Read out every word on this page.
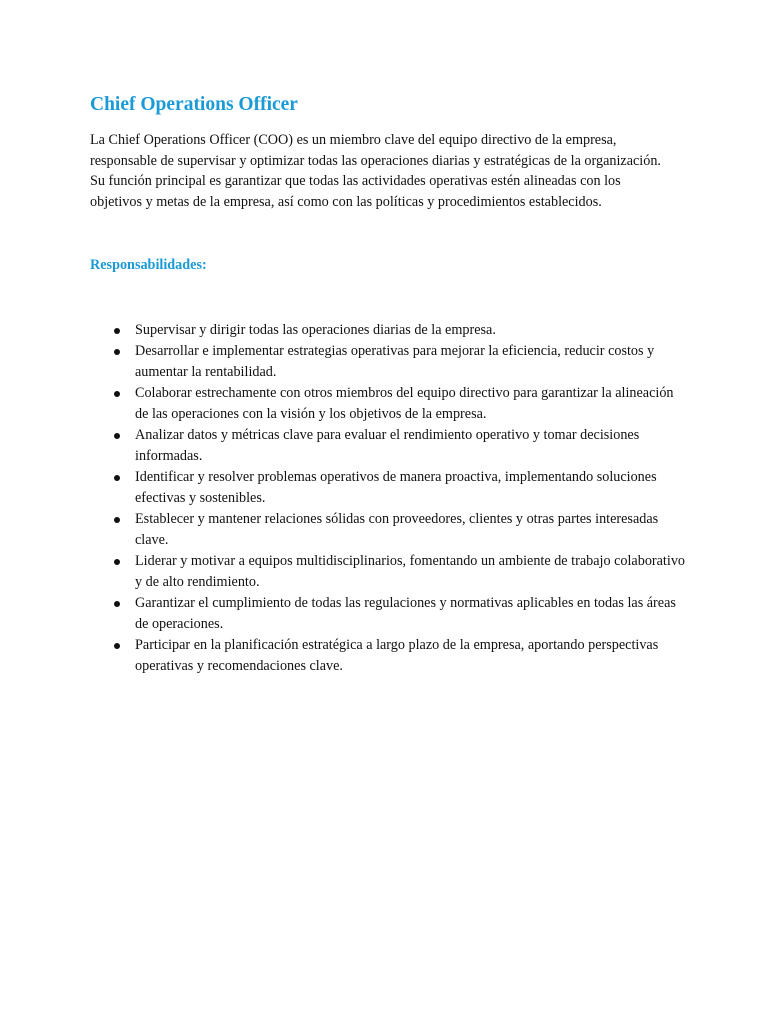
Chief Operations Officer

La Chief Operations Officer (COO) es un miembro clave del equipo directivo de la empresa, responsable de supervisar y optimizar todas las operaciones diarias y estratégicas de la organización. Su función principal es garantizar que todas las actividades operativas estén alineadas con los objetivos y metas de la empresa, así como con las políticas y procedimientos establecidos.

Responsabilidades:
Supervisar y dirigir todas las operaciones diarias de la empresa.
Desarrollar e implementar estrategias operativas para mejorar la eficiencia, reducir costos y aumentar la rentabilidad.
Colaborar estrechamente con otros miembros del equipo directivo para garantizar la alineación de las operaciones con la visión y los objetivos de la empresa.
Analizar datos y métricas clave para evaluar el rendimiento operativo y tomar decisiones informadas.
Identificar y resolver problemas operativos de manera proactiva, implementando soluciones efectivas y sostenibles.
Establecer y mantener relaciones sólidas con proveedores, clientes y otras partes interesadas clave.
Liderar y motivar a equipos multidisciplinarios, fomentando un ambiente de trabajo colaborativo y de alto rendimiento.
Garantizar el cumplimiento de todas las regulaciones y normativas aplicables en todas las áreas de operaciones.
Participar en la planificación estratégica a largo plazo de la empresa, aportando perspectivas operativas y recomendaciones clave.
